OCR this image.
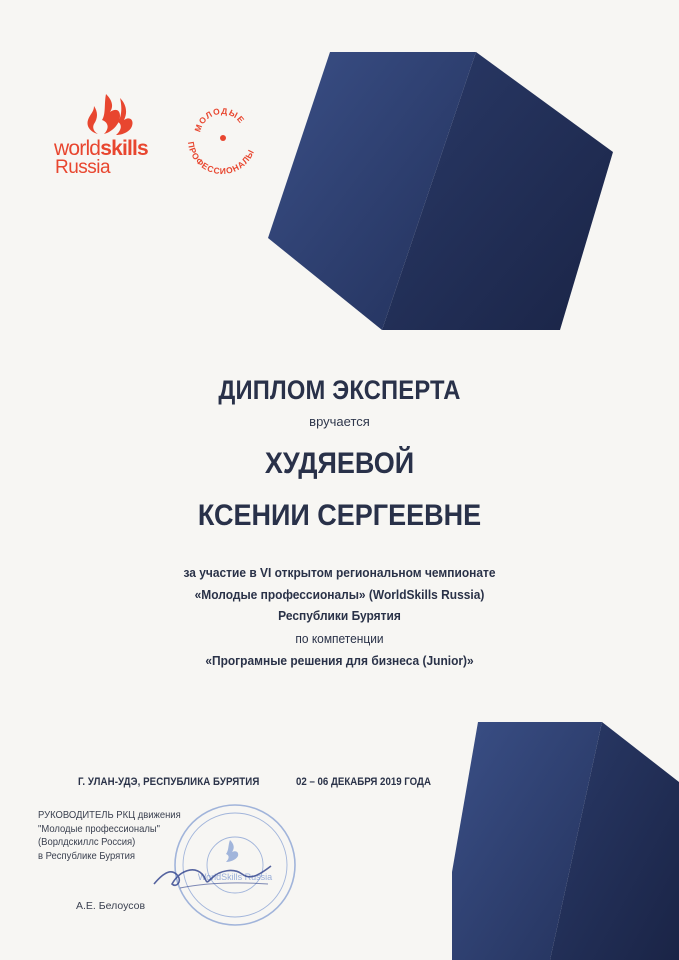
worldskills
Russia
МОЛОДЫЕ
ПРОФЕССИОНАЛЫ
ДИПЛОМ ЭКСПЕРТА
вручается
ХУДЯЕВОЙ
КСЕНИИ СЕРГЕЕВНЕ
за участие в VI открытом региональном чемпионате
«Молодые профессионалы» (WorldSkills Russia)
Республики Бурятия
по компетенции
«Програмные решения для бизнеса (Junior)»
Г. УЛАН-УДЭ, РЕСПУБЛИКА БУРЯТИЯ	02 – 06 ДЕКАБРЯ 2019 ГОДА
РУКОВОДИТЕЛЬ РКЦ движения
"Молодые профессионалы"
(Ворлдскиллс Россия)
в Республике Бурятия
А.Е. Белоусов
WorldSkills Russia
